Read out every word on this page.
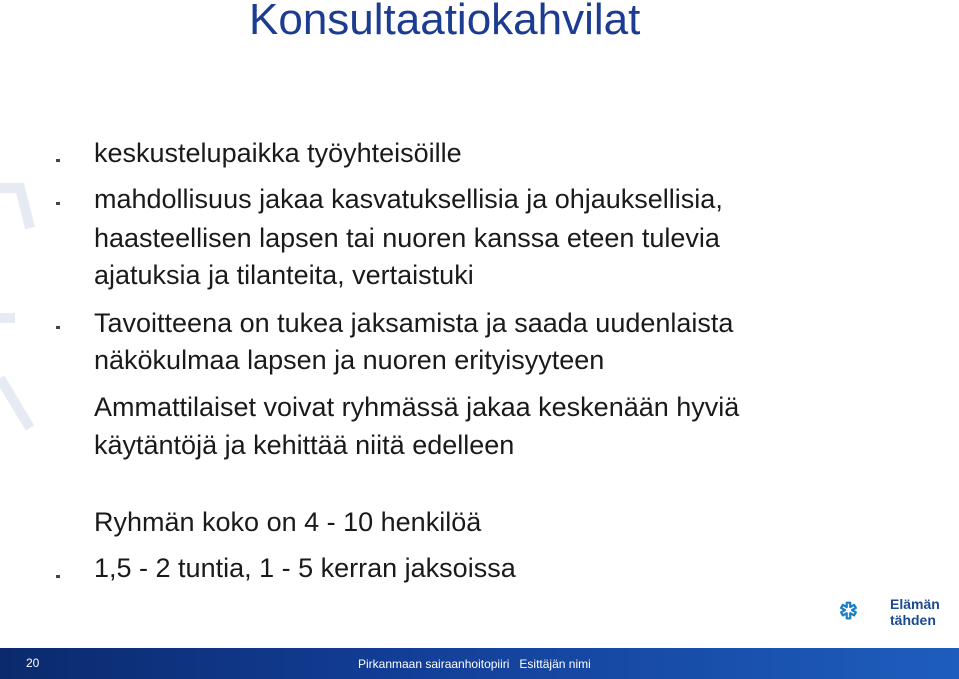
Konsultaatiokahvilat
keskustelupaikka työyhteisöille
mahdollisuus jakaa kasvatuksellisia ja ohjauksellisia,
haasteellisen lapsen tai nuoren kanssa eteen tulevia
ajatuksia ja tilanteita, vertaistuki
Tavoitteena on tukea jaksamista ja saada uudenlaista
näkökulmaa lapsen ja nuoren erityisyyteen
Ammattilaiset voivat ryhmässä jakaa keskenään hyviä
käytäntöjä ja kehittää niitä edelleen
Ryhmän koko on 4 - 10 henkilöä
1,5 - 2 tuntia, 1 - 5 kerran jaksoissa
Elämän
tähden
20	Pirkanmaan sairaanhoitopiiri   Esittäjän nimi
